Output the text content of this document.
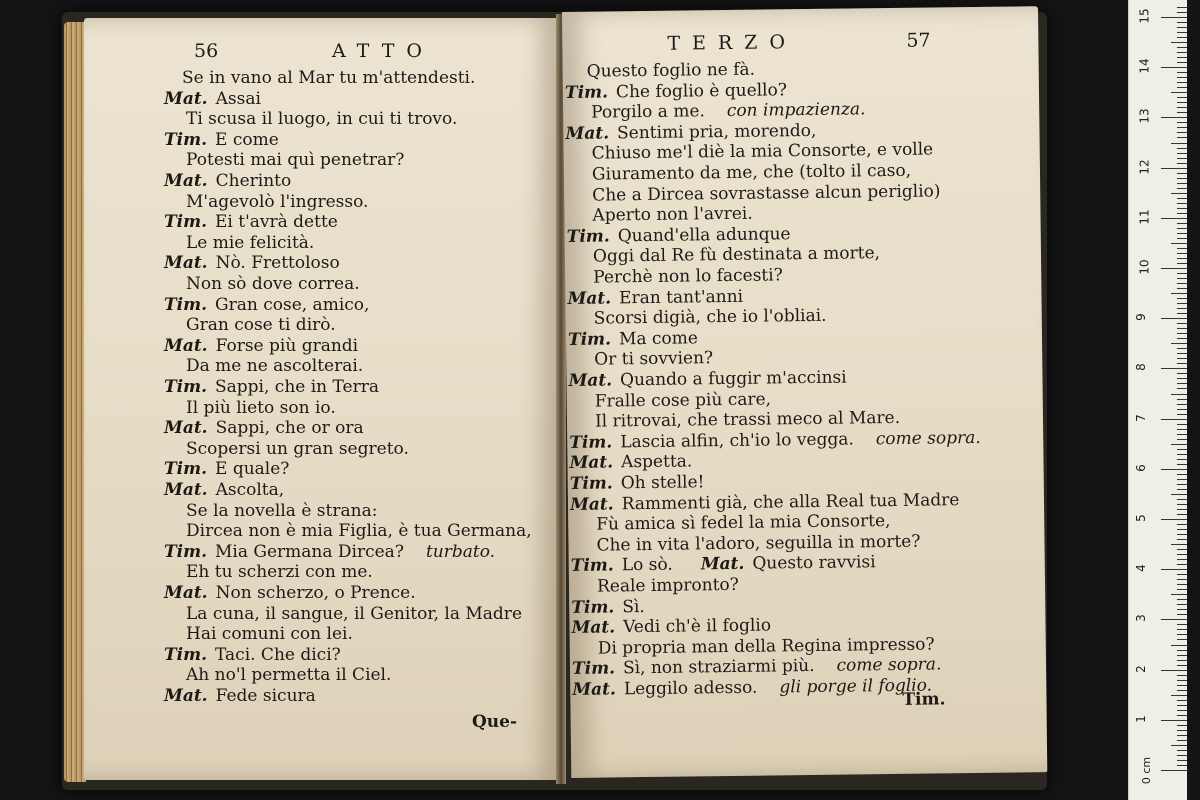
56	ATTO
Se in vano al Mar tu m'attendesti.
Mat. Assai
Ti scusa il luogo, in cui ti trovo.
Tim. E come
Potesti mai quì penetrar?
Mat. Cherinto
M'agevolò l'ingresso.
Tim. Ei t'avrà dette
Le mie felicità.
Mat. Nò. Frettoloso
Non sò dove correa.
Tim. Gran cose, amico,
Gran cose ti dirò.
Mat. Forse più grandi
Da me ne ascolterai.
Tim. Sappi, che in Terra
Il più lieto son io.
Mat. Sappi, che or ora
Scopersi un gran segreto.
Tim. E quale?
Mat. Ascolta,
Se la novella è strana:
Dircea non è mia Figlia, è tua Germana,
Tim. Mia Germana Dircea? turbato.
Eh tu scherzi con me.
Mat. Non scherzo, o Prence.
La cuna, il sangue, il Genitor, la Madre
Hai comuni con lei.
Tim. Taci. Che dici?
Ah no'l permetta il Ciel.
Mat. Fede sicura
Que-
TERZO	57
Questo foglio ne fà.
Tim. Che foglio è quello?
Porgilo a me. con impazienza.
Mat. Sentimi pria, morendo,
Chiuso me'l diè la mia Consorte, e volle
Giuramento da me, che (tolto il caso,
Che a Dircea sovrastasse alcun periglio)
Aperto non l'avrei.
Tim. Quand'ella adunque
Oggi dal Re fù destinata a morte,
Perchè non lo facesti?
Mat. Eran tant'anni
Scorsi digià, che io l'obliai.
Tim. Ma come
Or ti sovvien?
Mat. Quando a fuggir m'accinsi
Fralle cose più care,
Il ritrovai, che trassi meco al Mare.
Tim. Lascia alfin, ch'io lo vegga. come sopra.
Mat. Aspetta.
Tim. Oh stelle!
Mat. Rammenti già, che alla Real tua Madre
Fù amica sì fedel la mia Consorte,
Che in vita l'adoro, seguilla in morte?
Tim. Lo sò. Mat. Questo ravvisi
Reale impronto?
Tim. Sì.
Mat. Vedi ch'è il foglio
Di propria man della Regina impresso?
Tim. Sì, non straziarmi più. come sopra.
Mat. Leggilo adesso. gli porge il foglio.
Tim.
0 cm
1
2
3
4
5
6
7
8
9
10
11
12
13
14
15
